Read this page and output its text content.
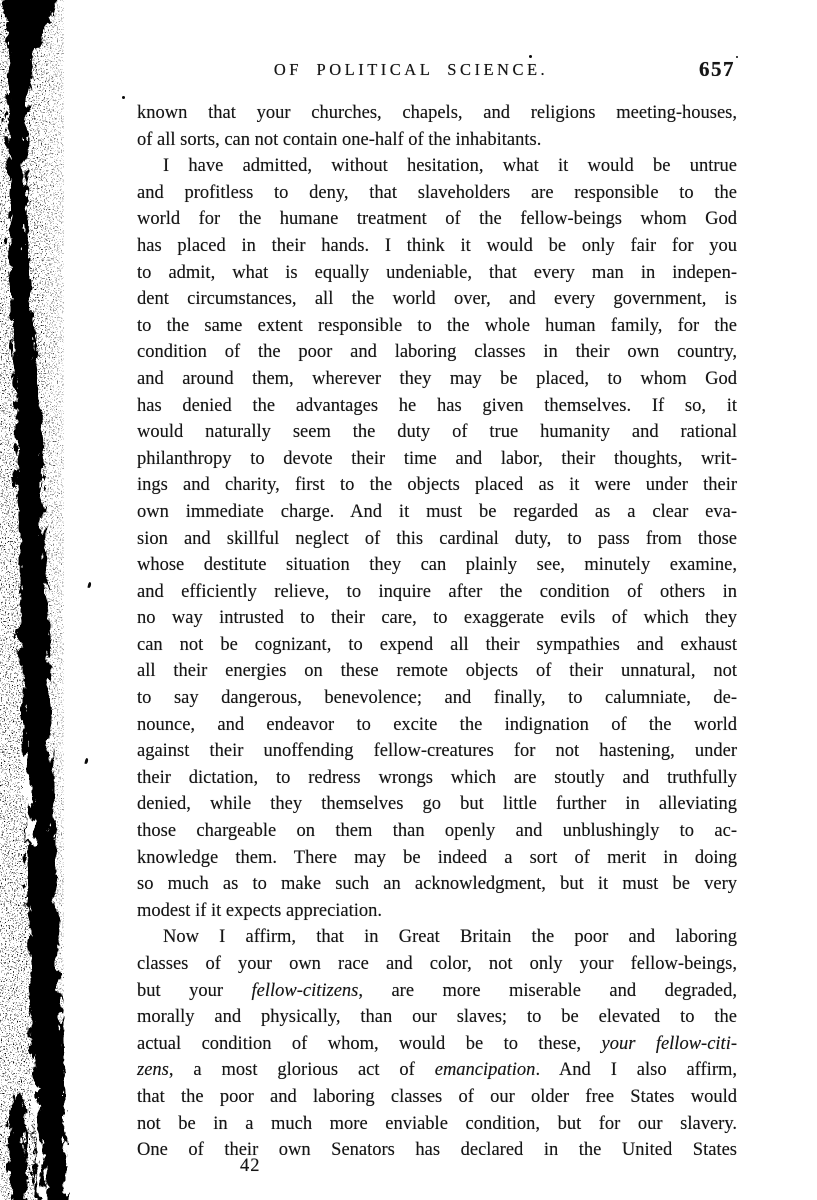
OF POLITICAL SCIENCE.	657
known that your churches, chapels, and religions meeting-houses,
of all sorts, can not contain one-half of the inhabitants.
I have admitted, without hesitation, what it would be untrue
and profitless to deny, that slaveholders are responsible to the
world for the humane treatment of the fellow-beings whom God
has placed in their hands. I think it would be only fair for you
to admit, what is equally undeniable, that every man in indepen-
dent circumstances, all the world over, and every government, is
to the same extent responsible to the whole human family, for the
condition of the poor and laboring classes in their own country,
and around them, wherever they may be placed, to whom God
has denied the advantages he has given themselves. If so, it
would naturally seem the duty of true humanity and rational
philanthropy to devote their time and labor, their thoughts, writ-
ings and charity, first to the objects placed as it were under their
own immediate charge. And it must be regarded as a clear eva-
sion and skillful neglect of this cardinal duty, to pass from those
whose destitute situation they can plainly see, minutely examine,
and efficiently relieve, to inquire after the condition of others in
no way intrusted to their care, to exaggerate evils of which they
can not be cognizant, to expend all their sympathies and exhaust
all their energies on these remote objects of their unnatural, not
to say dangerous, benevolence; and finally, to calumniate, de-
nounce, and endeavor to excite the indignation of the world
against their unoffending fellow-creatures for not hastening, under
their dictation, to redress wrongs which are stoutly and truthfully
denied, while they themselves go but little further in alleviating
those chargeable on them than openly and unblushingly to ac-
knowledge them. There may be indeed a sort of merit in doing
so much as to make such an acknowledgment, but it must be very
modest if it expects appreciation.
Now I affirm, that in Great Britain the poor and laboring
classes of your own race and color, not only your fellow-beings,
but your fellow-citizens, are more miserable and degraded,
morally and physically, than our slaves; to be elevated to the
actual condition of whom, would be to these, your fellow-citi-
zens, a most glorious act of emancipation. And I also affirm,
that the poor and laboring classes of our older free States would
not be in a much more enviable condition, but for our slavery.
One of their own Senators has declared in the United States
42
